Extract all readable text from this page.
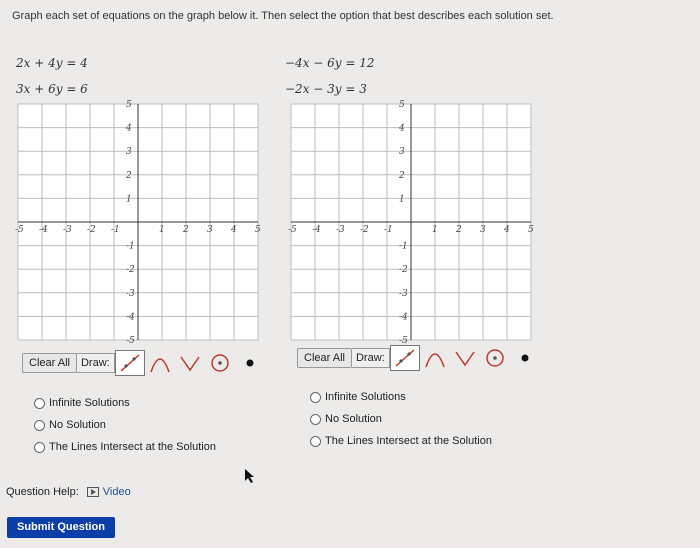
Graph each set of equations on the graph below it. Then select the option that best describes each solution set.
2x + 4y = 4
3x + 6y = 6
−4x − 6y = 12
−2x − 3y = 3
-5
-5
-4
-4
-3
-3
-2
-2
-1
-1
1
1
2
2
3
3
4
4
5
5
-5
-5
-4
-4
-3
-3
-2
-2
-1
-1
1
1
2
2
3
3
4
4
5
5
Clear All	Draw:	Clear All	Draw:
Infinite Solutions
No Solution
The Lines Intersect at the Solution
Infinite Solutions
No Solution
The Lines Intersect at the Solution
Question Help: Video
Submit Question
